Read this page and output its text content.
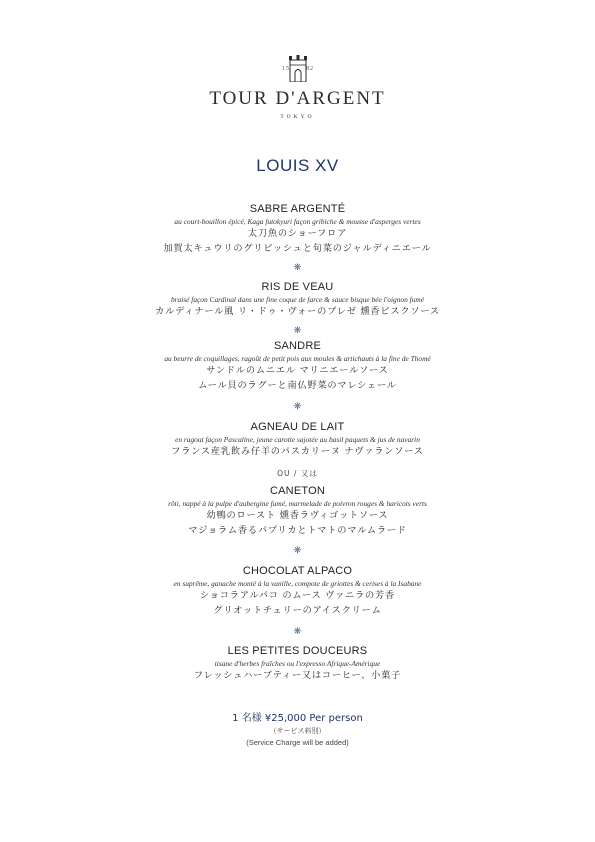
15	82
TOUR D'ARGENT
TOKYO
LOUIS XV
SABRE ARGENTÉ
au court-bouillon épicé, Kaga futokyuri façon gribiche & mousse d'asperges vertes
太刀魚のショーフロア
加賀太キュウリのグリビッシュと旬菜のジャルディニエール
❋
RIS DE VEAU
braisé façon Cardinal dans une fine coque de farce & sauce bisque bée l'oignon fumé
カルディナール風 リ・ドゥ・ヴォーのブレゼ 燻香ビスクソース
❋
SANDRE
au beurre de coquillages, ragoût de petit pois aux moules & artichauts à la fine de Thomé
サンドルのムニエル マリニエールソース
ムール貝のラグーと南仏野菜のマレシェール
❋
AGNEAU DE LAIT
en ragout façon Pascaline, jeune carotte sajotée au basil paquets & jus de navarin
フランス産乳飲み仔羊のパスカリーヌ ナヴァランソース
OU / 又は
CANETON
rôti, nappé à la pulpe d'aubergine fumé, marmelade de poivron rouges & haricots verts
幼鴨のロースト 燻香ラヴィゴットソース
マジョラム香るパプリカとトマトのマルムラード
❋
CHOCOLAT ALPACO
en suprême, ganache monté à la vanille, compote de griottes & cerises à la Isabane
ショコラアルパコ のムース ヴァニラの芳香
グリオットチェリーのアイスクリーム
❋
LES PETITES DOUCEURS
tisane d'herbes fraîches ou l'expresso Afrique-Amérique
フレッシュハーブティー又はコーヒー、小菓子
1 名様 ¥25,000 Per person
（サービス料別）
(Service Charge will be added)
